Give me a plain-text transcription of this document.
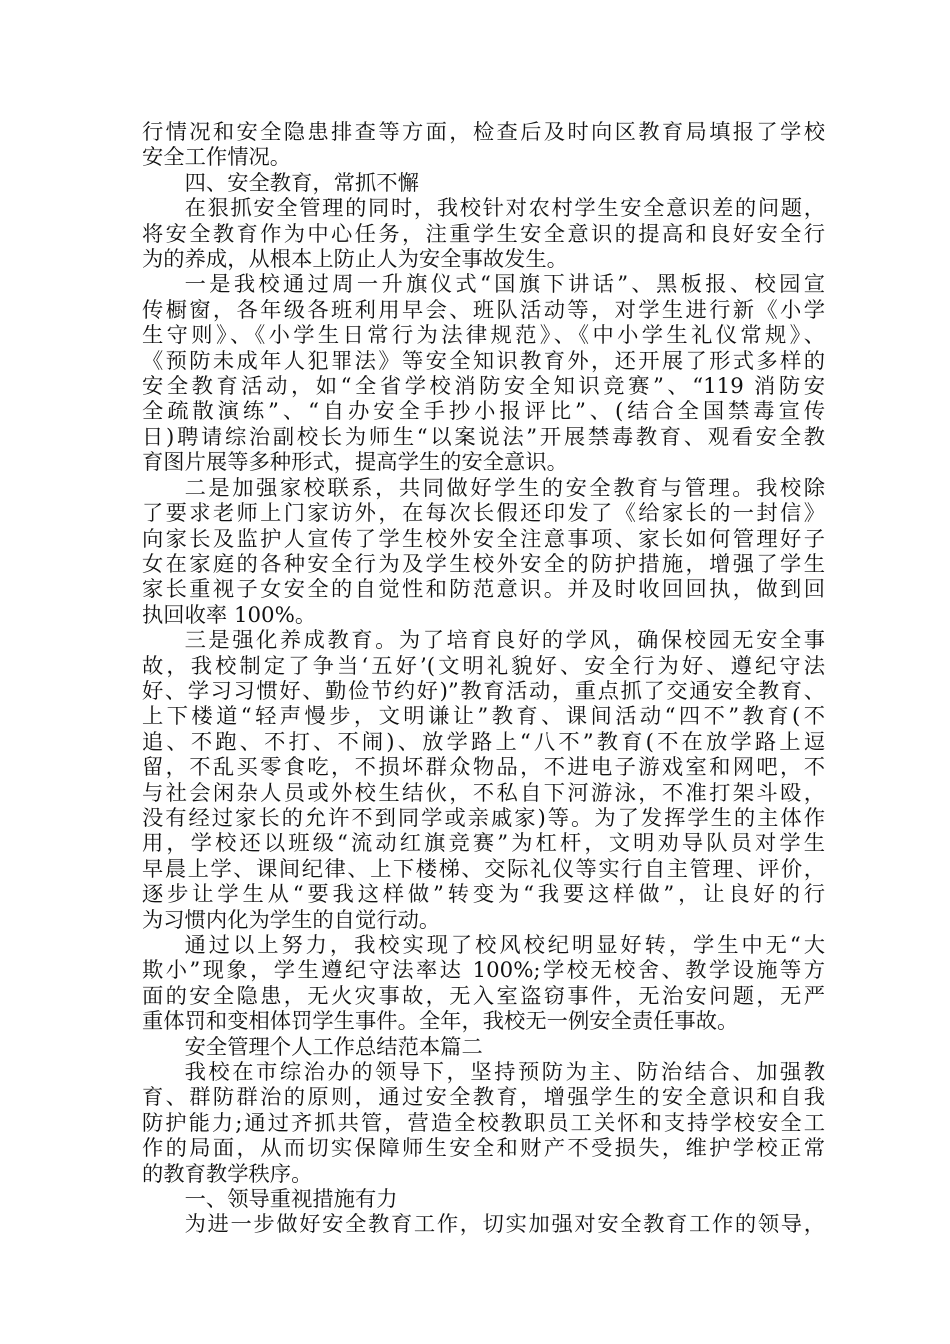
行情况和安全隐患排查等方面，检查后及时向区教育局填报了学校
安全工作情况。
四、安全教育，常抓不懈
在狠抓安全管理的同时，我校针对农村学生安全意识差的问题，
将安全教育作为中心任务，注重学生安全意识的提高和良好安全行
为的养成，从根本上防止人为安全事故发生。
一是我校通过周一升旗仪式“国旗下讲话”、黑板报、校园宣
传橱窗，各年级各班利用早会、班队活动等，对学生进行新《小学
生守则》、《小学生日常行为法律规范》、《中小学生礼仪常规》、
《预防未成年人犯罪法》等安全知识教育外，还开展了形式多样的
安全教育活动，如“全省学校消防安全知识竞赛”、“119 消防安
全疏散演练”、“自办安全手抄小报评比”、(结合全国禁毒宣传
日)聘请综治副校长为师生“以案说法”开展禁毒教育、观看安全教
育图片展等多种形式，提高学生的安全意识。
二是加强家校联系，共同做好学生的安全教育与管理。我校除
了要求老师上门家访外，在每次长假还印发了《给家长的一封信》
向家长及监护人宣传了学生校外安全注意事项、家长如何管理好子
女在家庭的各种安全行为及学生校外安全的防护措施，增强了学生
家长重视子女安全的自觉性和防范意识。并及时收回回执，做到回
执回收率 100%。
三是强化养成教育。为了培育良好的学风，确保校园无安全事
故，我校制定了争当‘五好’(文明礼貌好、安全行为好、遵纪守法
好、学习习惯好、勤俭节约好)”教育活动，重点抓了交通安全教育、
上下楼道“轻声慢步，文明谦让”教育、课间活动“四不”教育(不
追、不跑、不打、不闹)、放学路上“八不”教育(不在放学路上逗
留，不乱买零食吃，不损坏群众物品，不进电子游戏室和网吧，不
与社会闲杂人员或外校生结伙，不私自下河游泳，不准打架斗殴，
没有经过家长的允许不到同学或亲戚家)等。为了发挥学生的主体作
用，学校还以班级“流动红旗竞赛”为杠杆，文明劝导队员对学生
早晨上学、课间纪律、上下楼梯、交际礼仪等实行自主管理、评价，
逐步让学生从“要我这样做”转变为“我要这样做”，让良好的行
为习惯内化为学生的自觉行动。
通过以上努力，我校实现了校风校纪明显好转，学生中无“大
欺小”现象，学生遵纪守法率达 100%;学校无校舍、教学设施等方
面的安全隐患，无火灾事故，无入室盗窃事件，无治安问题，无严
重体罚和变相体罚学生事件。全年，我校无一例安全责任事故。
安全管理个人工作总结范本篇二
我校在市综治办的领导下，坚持预防为主、防治结合、加强教
育、群防群治的原则，通过安全教育，增强学生的安全意识和自我
防护能力;通过齐抓共管，营造全校教职员工关怀和支持学校安全工
作的局面，从而切实保障师生安全和财产不受损失，维护学校正常
的教育教学秩序。
一、领导重视措施有力
为进一步做好安全教育工作，切实加强对安全教育工作的领导，
